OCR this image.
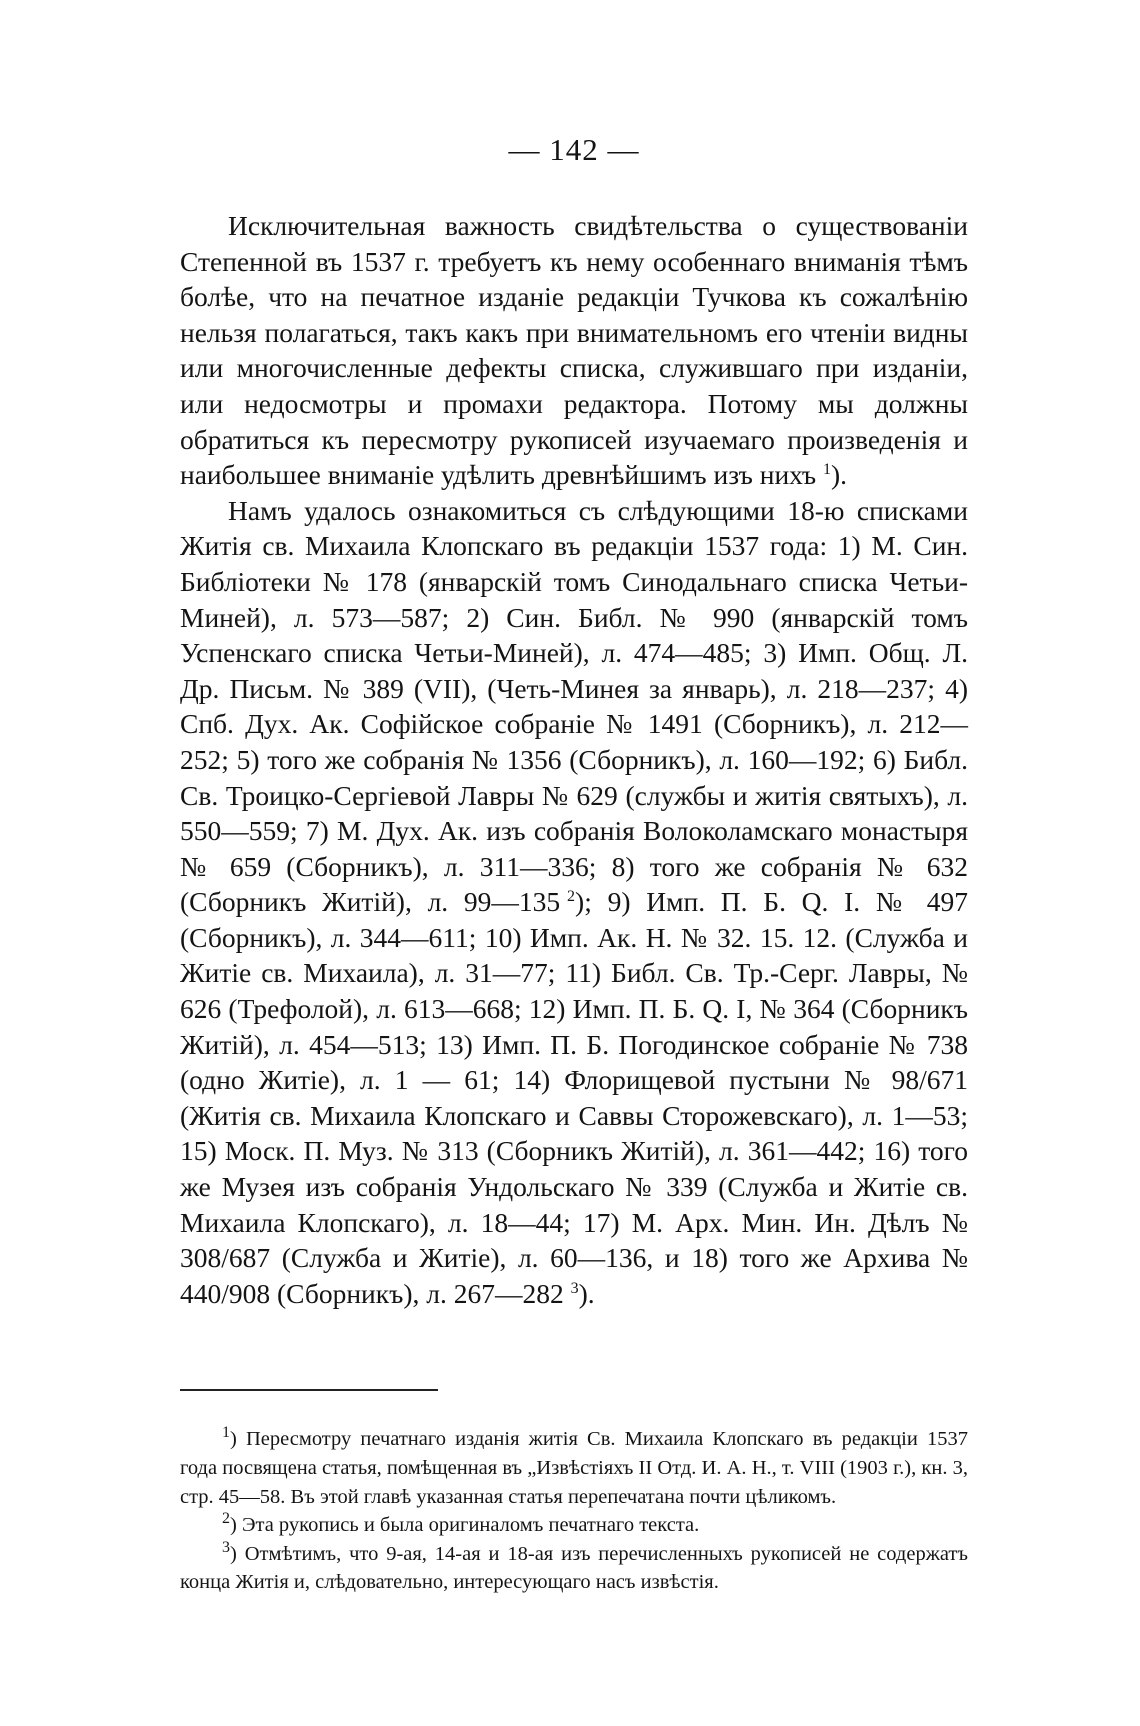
— 142 —

Исключительная важность свидѣтельства о существованіи Степенной въ 1537 г. требуетъ къ нему особеннаго вниманія тѣмъ болѣе, что на печатное изданіе редакціи Тучкова къ сожалѣнію нельзя полагаться, такъ какъ при внимательномъ его чтеніи видны или многочисленные дефекты списка, служившаго при изданіи, или недосмотры и промахи редактора. Потому мы должны обратиться къ пересмотру рукописей изучаемаго произведенія и наибольшее вниманіе удѣлить древнѣйшимъ изъ нихъ  $^1$).

Намъ удалось ознакомиться съ слѣдующими 18-ю списками Житія св. Михаила Клопскаго въ редакціи 1537 года: 1) М. Син. Библіотеки № 178 (январскій томъ Синодальнаго списка Четьи-Миней), л. 573—587; 2) Син. Библ. № 990 (январскій томъ Успенскаго списка Четьи-Миней), л. 474—485; 3) Имп. Общ. Л. Др. Письм. № 389 (VII), (Четь-Минея за январь), л. 218—237; 4) Спб. Дух. Ак. Софійское собраніе № 1491 (Сборникъ), л. 212—252; 5) того же собранія № 1356 (Сборникъ), л. 160—192; 6) Библ. Св. Троицко-Сергіевой Лавры № 629 (службы и житія святыхъ), л. 550—559; 7) М. Дух. Ак. изъ собранія Волоколамскаго монастыря № 659 (Сборникъ), л. 311—336; 8) того же собранія № 632 (Сборникъ Житій), л. 99—135  $^2$); 9) Имп. П. Б. Q. I. № 497 (Сборникъ), л. 344—611; 10) Имп. Ак. Н. № 32. 15. 12. (Служба и Житіе св. Михаила), л. 31—77; 11) Библ. Св. Тр.-Серг. Лавры, № 626 (Трефолой), л. 613—668; 12) Имп. П. Б. Q. I, № 364 (Сборникъ Житій), л. 454—513; 13) Имп. П. Б. Погодинское собраніе № 738 (одно Житіе), л. 1 — 61; 14) Флорищевой пустыни № 98/671 (Житія св. Михаила Клопскаго и Саввы Сторожевскаго), л. 1—53; 15) Моск. П. Муз. № 313 (Сборникъ Житій), л. 361—442; 16) того же Музея изъ собранія Ундольскаго № 339 (Служба и Житіе св. Михаила Клопскаго), л. 18—44; 17) М. Арх. Мин. Ин. Дѣлъ № 308/687 (Служба и Житіе), л. 60—136, и 18) того же Архива № 440/908 (Сборникъ), л. 267—282  $^3$).

$^1$) Пересмотру печатнаго изданія житія Св. Михаила Клопскаго въ редакціи 1537 года посвящена статья, помѣщенная въ „Извѣстіяхъ II Отд. И. А. Н., т. VIII (1903 г.), кн. 3, стр. 45—58. Въ этой главѣ указанная статья перепечатана почти цѣликомъ.

$^2$) Эта рукопись и была оригиналомъ печатнаго текста.

$^3$) Отмѣтимъ, что 9-ая, 14-ая и 18-ая изъ перечисленныхъ рукописей не содержатъ конца Житія и, слѣдовательно, интересующаго насъ извѣстія.
